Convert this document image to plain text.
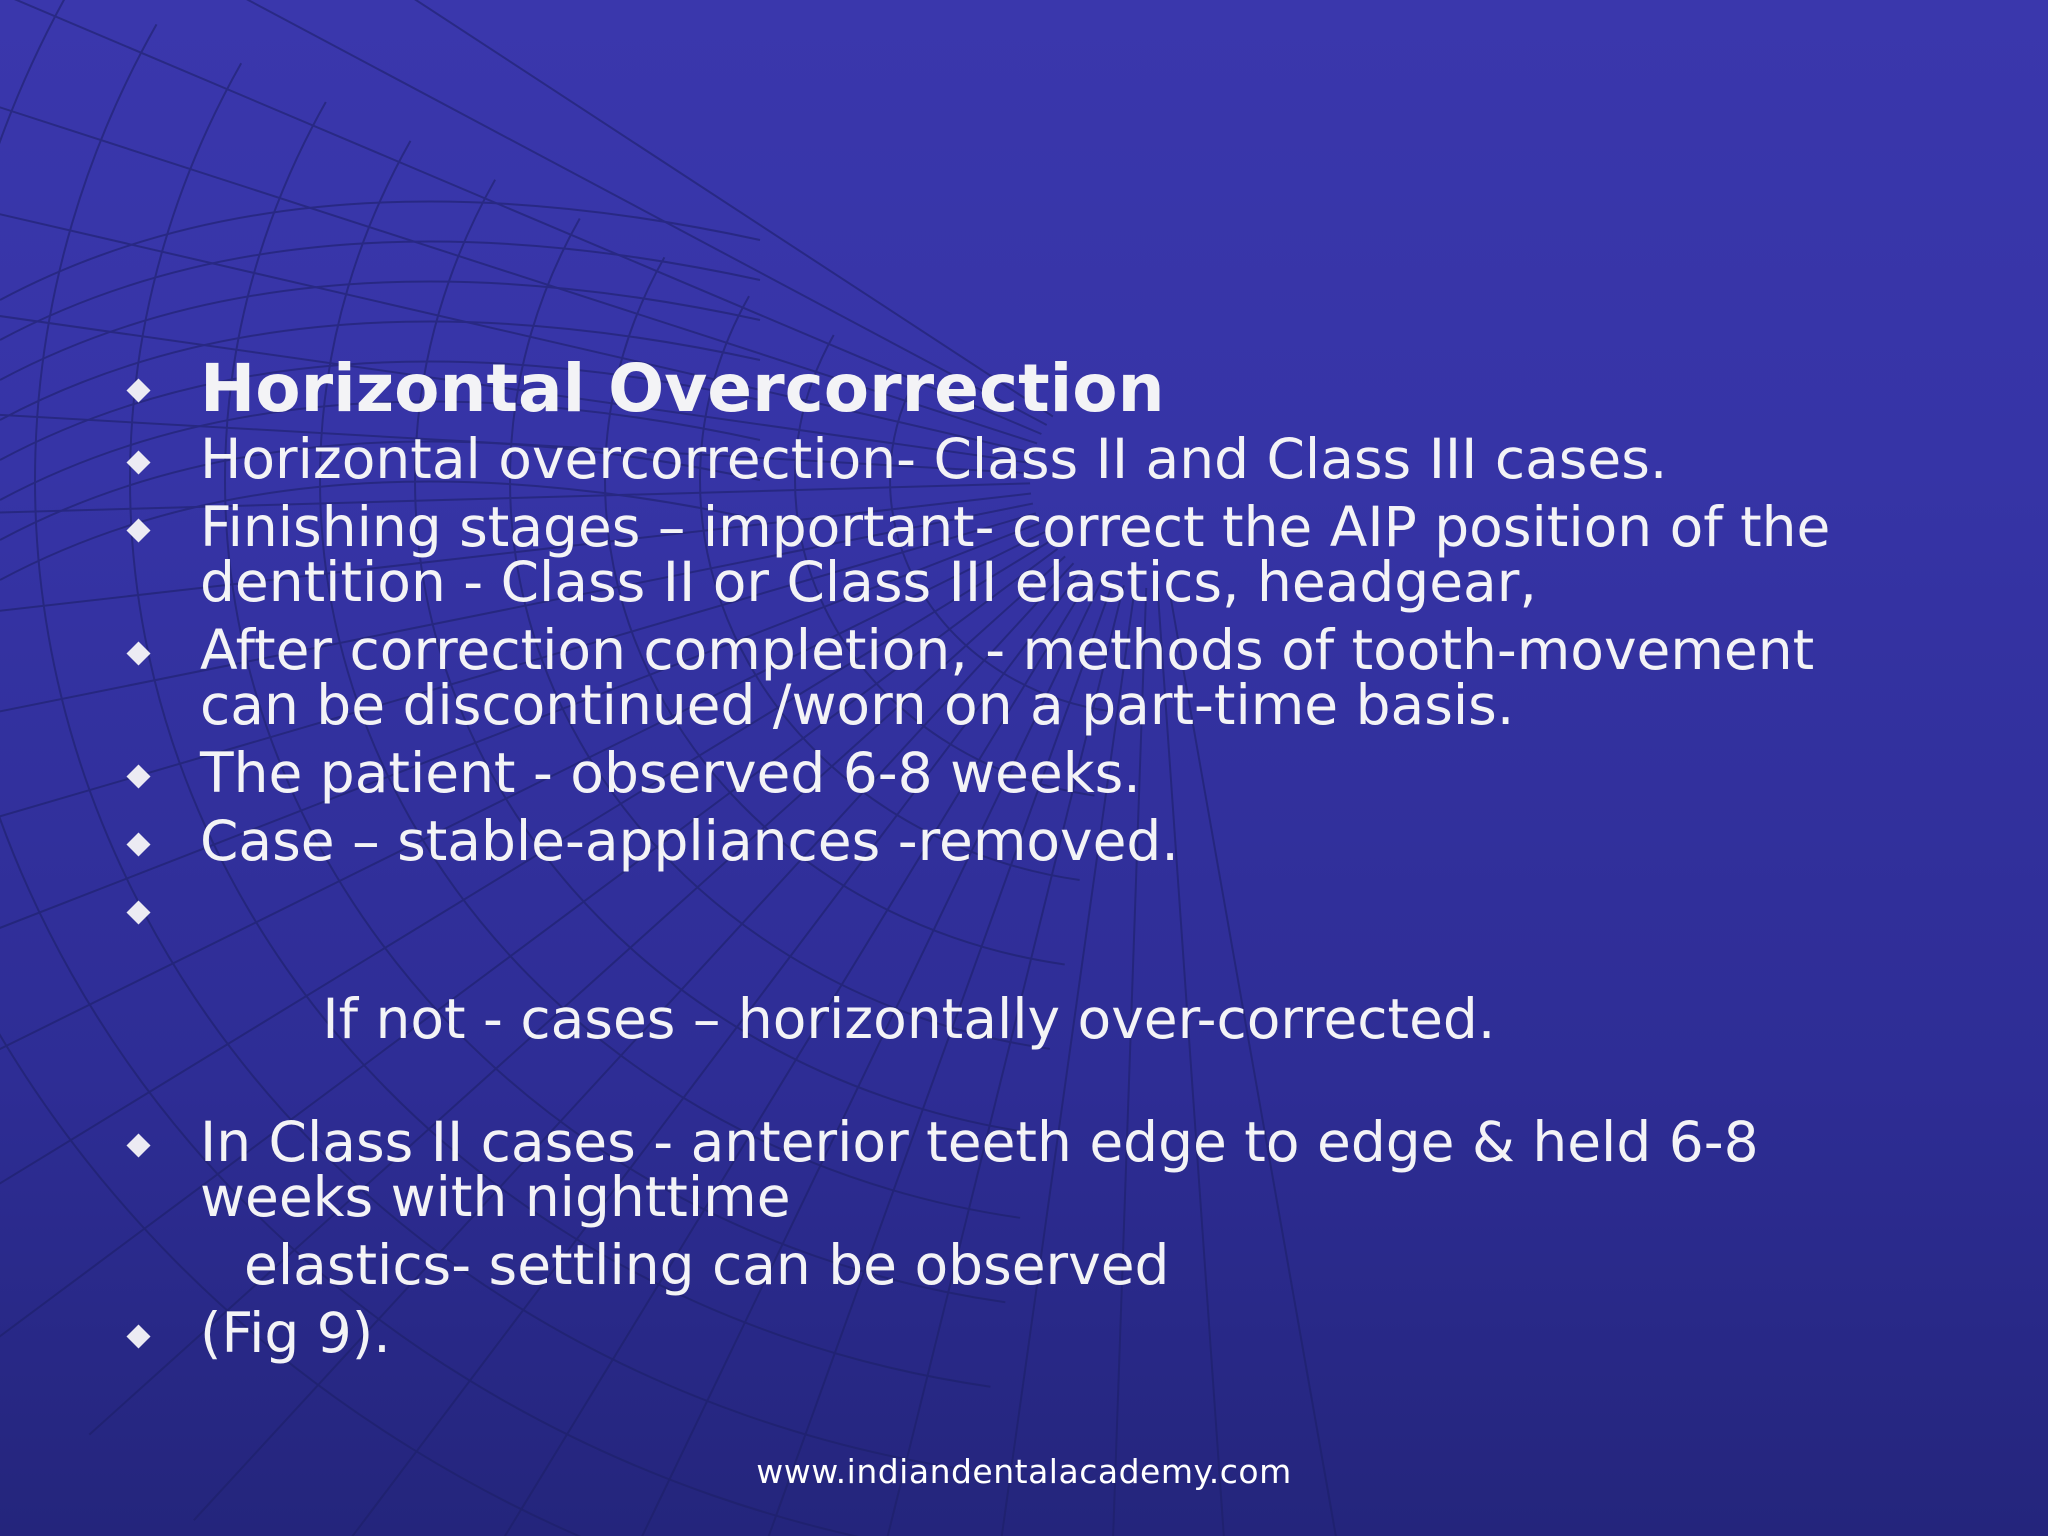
Horizontal Overcorrection
Horizontal overcorrection- Class II and Class III cases.
Finishing stages – important- correct the AIP position of the
dentition - Class II or Class III elastics, headgear,
After correction completion, - methods of tooth-movement
can be discontinued /worn on a part-time basis.
The patient - observed 6-8 weeks.
Case – stable-appliances -removed.

If not - cases – horizontally over-corrected.

In Class II cases - anterior teeth edge to edge & held 6-8
weeks with nighttime
elastics- settling can be observed
(Fig 9).
www.indiandentalacademy.com
